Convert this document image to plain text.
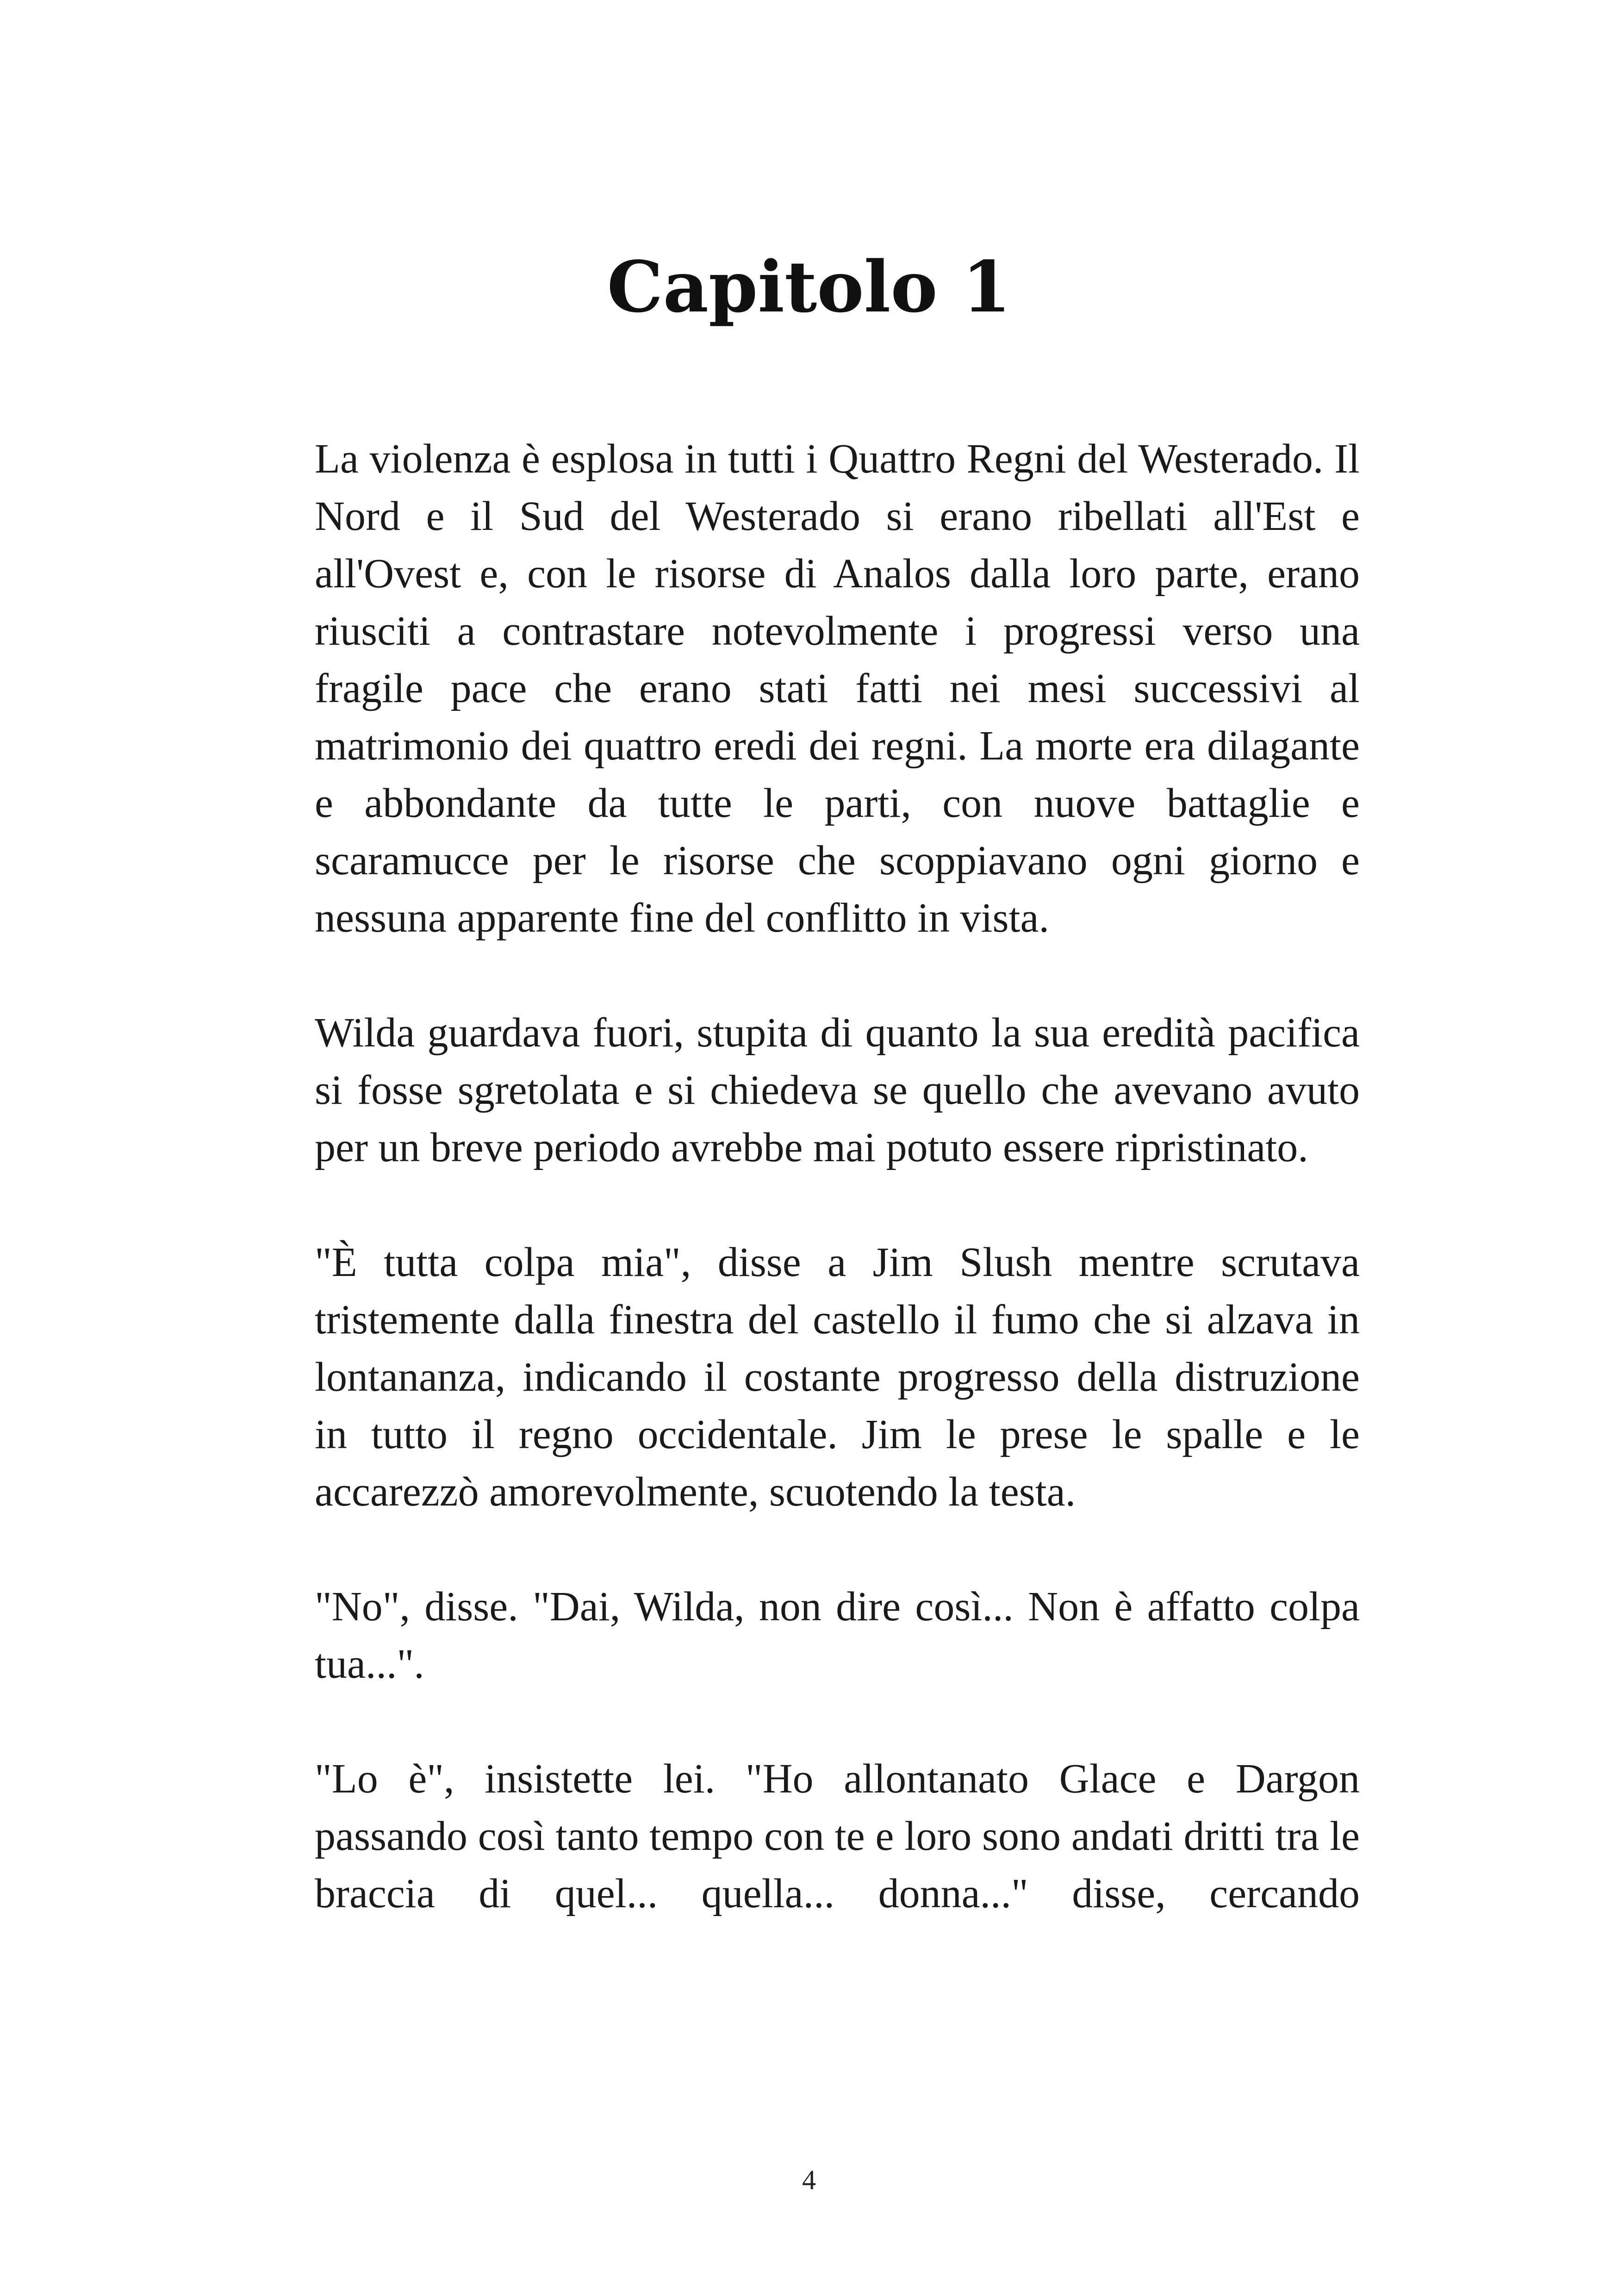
Capitolo 1

La violenza è esplosa in tutti i Quattro Regni del Westerado. Il Nord e il Sud del Westerado si erano ribellati all'Est e all'Ovest e, con le risorse di Analos dalla loro parte, erano riusciti a contrastare notevolmente i progressi verso una fragile pace che erano stati fatti nei mesi successivi al matrimonio dei quattro eredi dei regni. La morte era dilagante e abbondante da tutte le parti, con nuove battaglie e scaramucce per le risorse che scoppiavano ogni giorno e nessuna apparente fine del conflitto in vista.

Wilda guardava fuori, stupita di quanto la sua eredità pacifica si fosse sgretolata e si chiedeva se quello che avevano avuto per un breve periodo avrebbe mai potuto essere ripristinato.

"È tutta colpa mia", disse a Jim Slush mentre scrutava tristemente dalla finestra del castello il fumo che si alzava in lontananza, indicando il costante progresso della distruzione in tutto il regno occidentale. Jim le prese le spalle e le accarezzò amorevolmente, scuotendo la testa.

"No", disse. "Dai, Wilda, non dire così... Non è affatto colpa tua...".

"Lo è", insistette lei. "Ho allontanato Glace e Dargon passando così tanto tempo con te e loro sono andati dritti tra le braccia di quel... quella... donna..." disse, cercando

4
